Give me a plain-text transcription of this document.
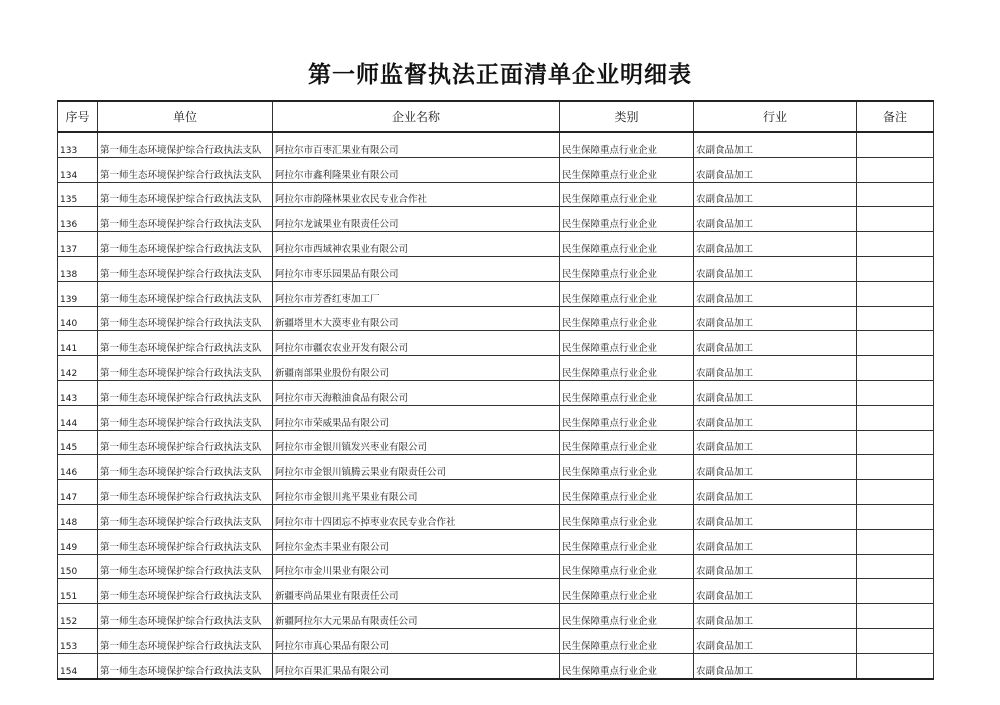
第一师监督执法正面清单企业明细表
序号	单位	企业名称	类别	行业	备注
133	第一师生态环境保护综合行政执法支队	阿拉尔市百枣汇果业有限公司	民生保障重点行业企业	农副食品加工	
134	第一师生态环境保护综合行政执法支队	阿拉尔市鑫利隆果业有限公司	民生保障重点行业企业	农副食品加工	
135	第一师生态环境保护综合行政执法支队	阿拉尔市韵隆林果业农民专业合作社	民生保障重点行业企业	农副食品加工	
136	第一师生态环境保护综合行政执法支队	阿拉尔龙诚果业有限责任公司	民生保障重点行业企业	农副食品加工	
137	第一师生态环境保护综合行政执法支队	阿拉尔市西域神农果业有限公司	民生保障重点行业企业	农副食品加工	
138	第一师生态环境保护综合行政执法支队	阿拉尔市枣乐园果品有限公司	民生保障重点行业企业	农副食品加工	
139	第一师生态环境保护综合行政执法支队	阿拉尔市芳香红枣加工厂	民生保障重点行业企业	农副食品加工	
140	第一师生态环境保护综合行政执法支队	新疆塔里木大漠枣业有限公司	民生保障重点行业企业	农副食品加工	
141	第一师生态环境保护综合行政执法支队	阿拉尔市疆农农业开发有限公司	民生保障重点行业企业	农副食品加工	
142	第一师生态环境保护综合行政执法支队	新疆南部果业股份有限公司	民生保障重点行业企业	农副食品加工	
143	第一师生态环境保护综合行政执法支队	阿拉尔市天海粮油食品有限公司	民生保障重点行业企业	农副食品加工	
144	第一师生态环境保护综合行政执法支队	阿拉尔市荣威果品有限公司	民生保障重点行业企业	农副食品加工	
145	第一师生态环境保护综合行政执法支队	阿拉尔市金银川镇发兴枣业有限公司	民生保障重点行业企业	农副食品加工	
146	第一师生态环境保护综合行政执法支队	阿拉尔市金银川镇腾云果业有限责任公司	民生保障重点行业企业	农副食品加工	
147	第一师生态环境保护综合行政执法支队	阿拉尔市金银川兆平果业有限公司	民生保障重点行业企业	农副食品加工	
148	第一师生态环境保护综合行政执法支队	阿拉尔市十四团忘不掉枣业农民专业合作社	民生保障重点行业企业	农副食品加工	
149	第一师生态环境保护综合行政执法支队	阿拉尔金杰丰果业有限公司	民生保障重点行业企业	农副食品加工	
150	第一师生态环境保护综合行政执法支队	阿拉尔市金川果业有限公司	民生保障重点行业企业	农副食品加工	
151	第一师生态环境保护综合行政执法支队	新疆枣尚品果业有限责任公司	民生保障重点行业企业	农副食品加工	
152	第一师生态环境保护综合行政执法支队	新疆阿拉尔大元果品有限责任公司	民生保障重点行业企业	农副食品加工	
153	第一师生态环境保护综合行政执法支队	阿拉尔市真心果品有限公司	民生保障重点行业企业	农副食品加工	
154	第一师生态环境保护综合行政执法支队	阿拉尔百果汇果品有限公司	民生保障重点行业企业	农副食品加工	
